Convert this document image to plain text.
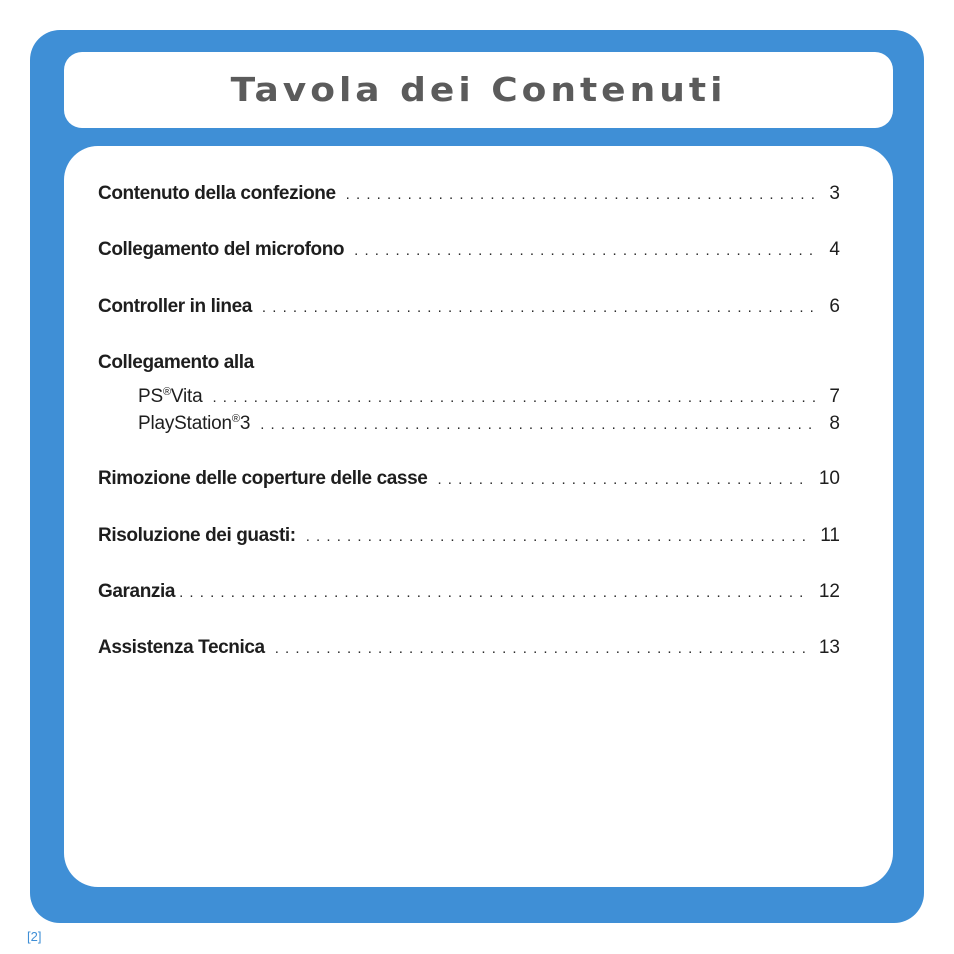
Tavola dei Contenuti
Contenuto della confezione . . .	3
Collegamento del microfono . . .	4
Controller in linea . . .	6
Collegamento alla
PS®Vita . . .	7
PlayStation®3 . . .	8
Rimozione delle coperture delle casse . . .	10
Risoluzione dei guasti: . . .	11
Garanzia . . .	12
Assistenza Tecnica . . .	13
[2]
